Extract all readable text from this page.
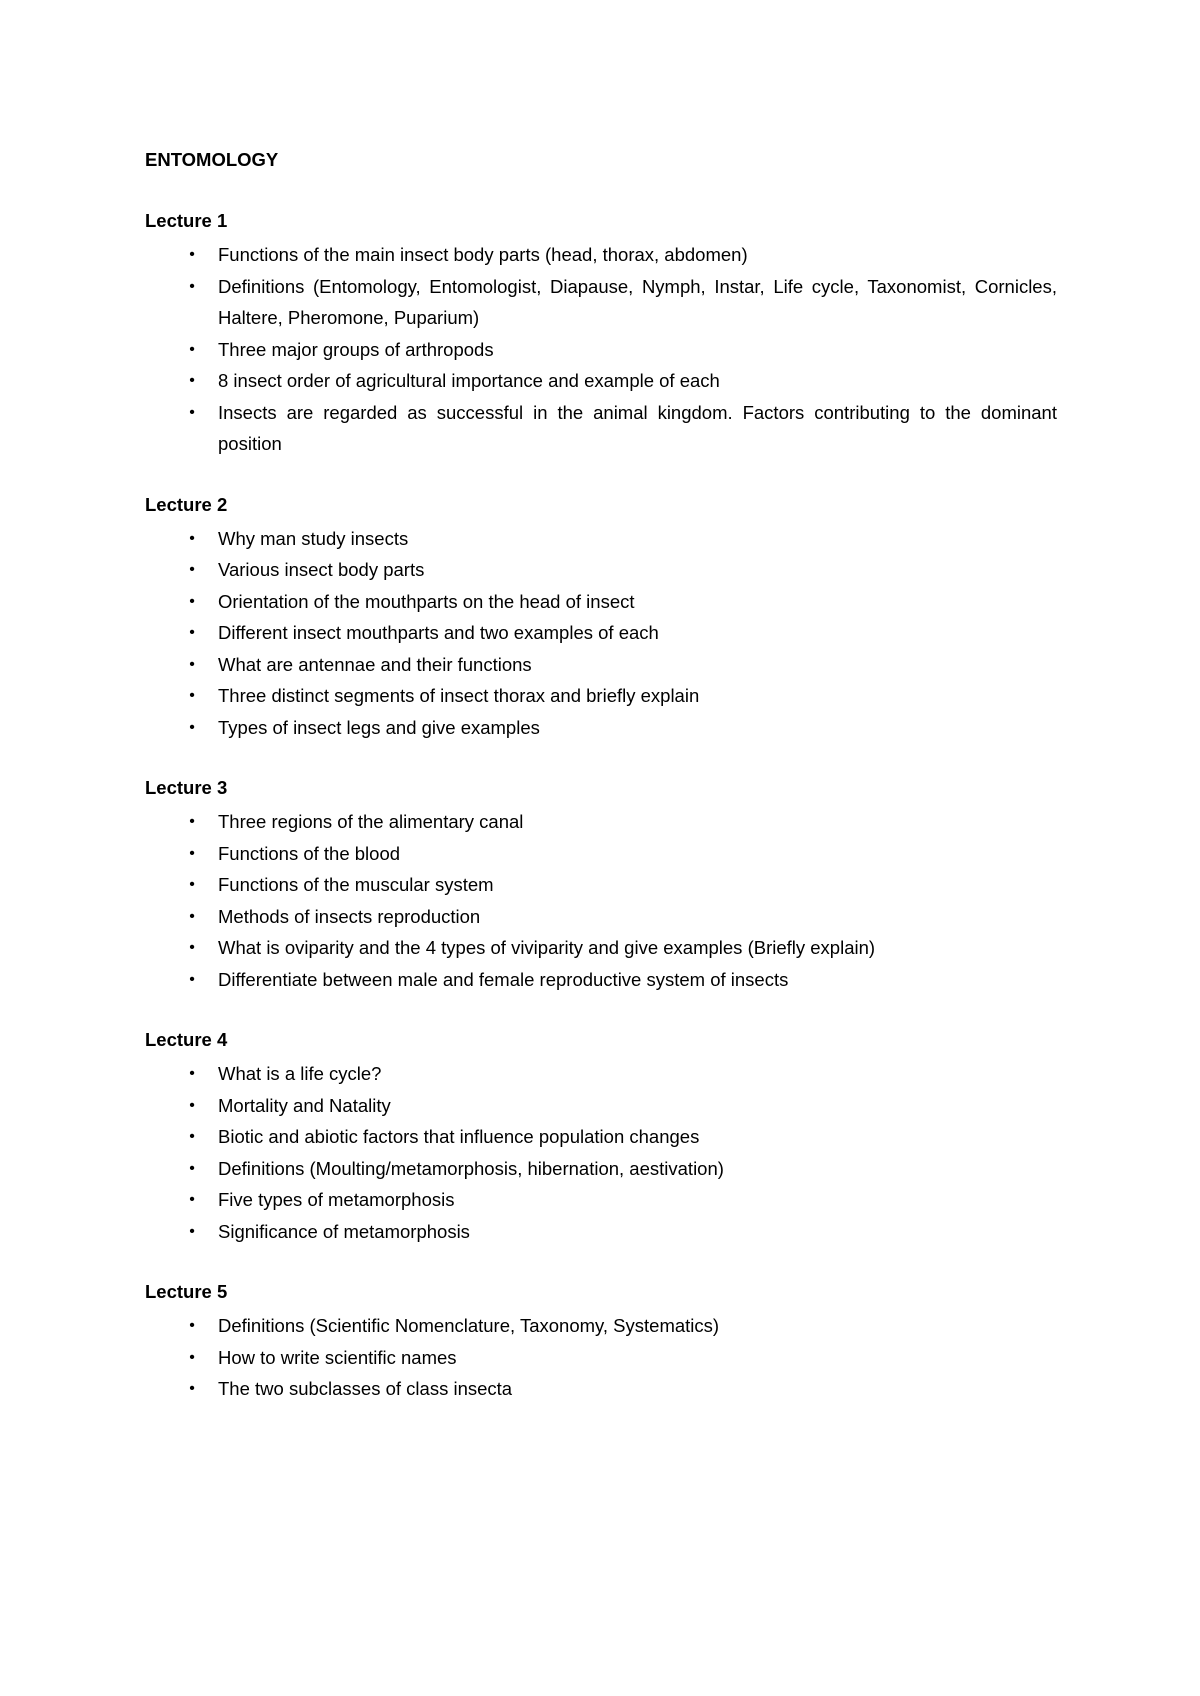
ENTOMOLOGY
Lecture 1
• Functions of the main insect body parts (head, thorax, abdomen)
• Definitions (Entomology, Entomologist, Diapause, Nymph, Instar, Life cycle, Taxonomist, Cornicles, Haltere, Pheromone, Puparium)
• Three major groups of arthropods
• 8 insect order of agricultural importance and example of each
• Insects are regarded as successful in the animal kingdom. Factors contributing to the dominant position
Lecture 2
• Why man study insects
• Various insect body parts
• Orientation of the mouthparts on the head of insect
• Different insect mouthparts and two examples of each
• What are antennae and their functions
• Three distinct segments of insect thorax and briefly explain
• Types of insect legs and give examples
Lecture 3
• Three regions of the alimentary canal
• Functions of the blood
• Functions of the muscular system
• Methods of insects reproduction
• What is oviparity and the 4 types of viviparity and give examples (Briefly explain)
• Differentiate between male and female reproductive system of insects
Lecture 4
• What is a life cycle?
• Mortality and Natality
• Biotic and abiotic factors that influence population changes
• Definitions (Moulting/metamorphosis, hibernation, aestivation)
• Five types of metamorphosis
• Significance of metamorphosis
Lecture 5
• Definitions (Scientific Nomenclature, Taxonomy, Systematics)
• How to write scientific names
• The two subclasses of class insecta
